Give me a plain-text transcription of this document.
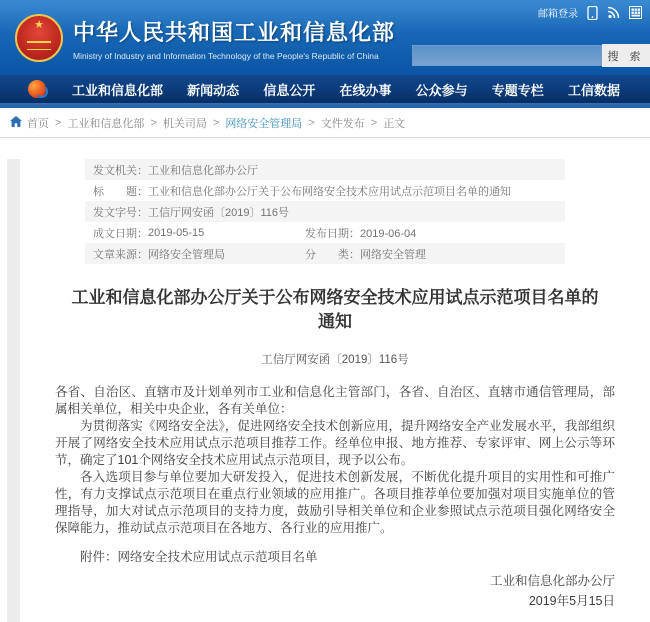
邮箱登录
★	中华人民共和国工业和信息化部
Ministry of Industry and Information Technology of the People's Republic of China	搜 索
工业和信息化部 新闻动态 信息公开 在线办事 公众参与 专题专栏 工信数据
首页 > 工业和信息化部 > 机关司局 > 网络安全管理局 > 文件发布 > 正文
发文机关： 工业和信息化部办公厅
标　　题： 工业和信息化部办公厅关于公布网络安全技术应用试点示范项目名单的通知
发文字号： 工信厅网安函〔2019〕116号
成文日期： 2019-05-15	发布日期：2019-06-04
文章来源： 网络安全管理局	分　　类：网络安全管理
工业和信息化部办公厅关于公布网络安全技术应用试点示范项目名单的通知
工信厅网安函〔2019〕116号

各省、自治区、直辖市及计划单列市工业和信息化主管部门，各省、自治区、直辖市通信管理局，部属相关单位，相关中央企业，各有关单位：

为贯彻落实《网络安全法》，促进网络安全技术创新应用，提升网络安全产业发展水平，我部组织开展了网络安全技术应用试点示范项目推荐工作。经单位申报、地方推荐、专家评审、网上公示等环节，确定了101个网络安全技术应用试点示范项目，现予以公布。

各入选项目参与单位要加大研发投入，促进技术创新发展，不断优化提升项目的实用性和可推广性，有力支撑试点示范项目在重点行业领域的应用推广。各项目推荐单位要加强对项目实施单位的管理指导，加大对试点示范项目的支持力度，鼓励引导相关单位和企业参照试点示范项目强化网络安全保障能力，推动试点示范项目在各地方、各行业的应用推广。

附件：网络安全技术应用试点示范项目名单
工业和信息化部办公厅
2019年5月15日
